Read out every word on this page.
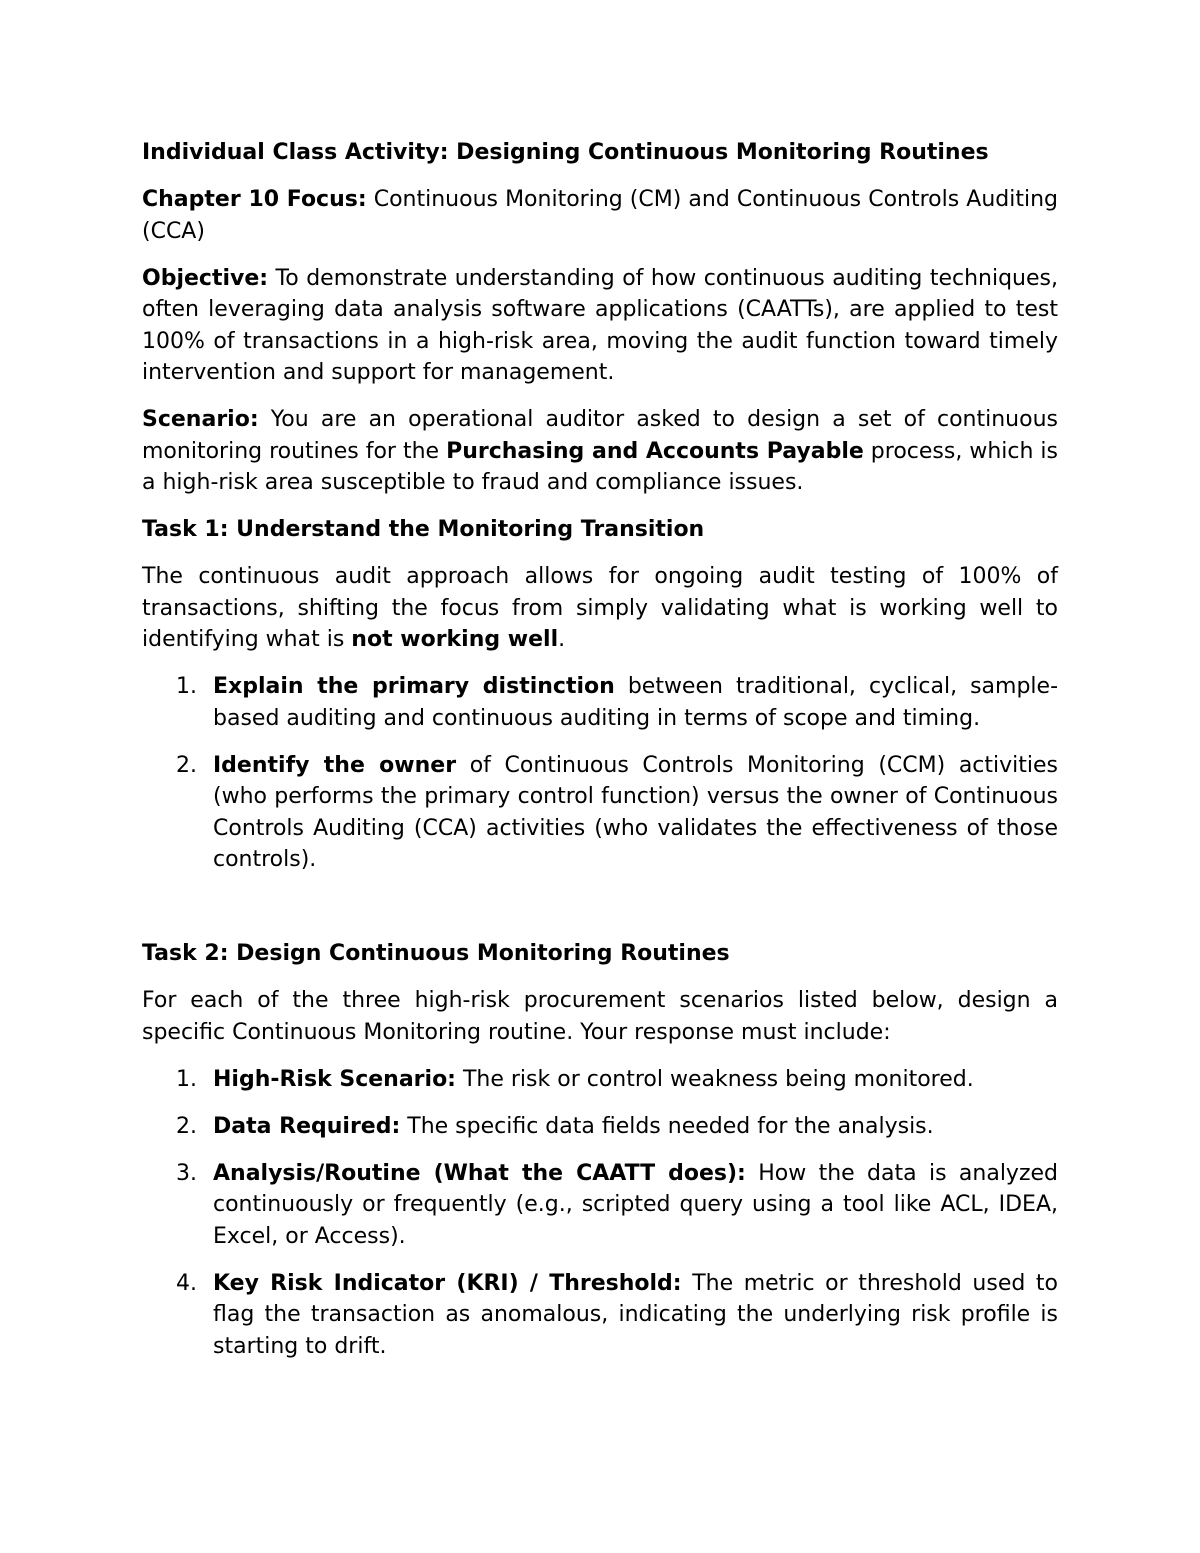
Individual Class Activity: Designing Continuous Monitoring Routines

Chapter 10 Focus: Continuous Monitoring (CM) and Continuous Controls Auditing (CCA)

Objective: To demonstrate understanding of how continuous auditing techniques, often leveraging data analysis software applications (CAATTs), are applied to test 100% of transactions in a high-risk area, moving the audit function toward timely intervention and support for management.

Scenario: You are an operational auditor asked to design a set of continuous monitoring routines for the Purchasing and Accounts Payable process, which is a high-risk area susceptible to fraud and compliance issues.

Task 1: Understand the Monitoring Transition

The continuous audit approach allows for ongoing audit testing of 100% of transactions, shifting the focus from simply validating what is working well to identifying what is not working well.

1. Explain the primary distinction between traditional, cyclical, sample-based auditing and continuous auditing in terms of scope and timing.
2. Identify the owner of Continuous Controls Monitoring (CCM) activities (who performs the primary control function) versus the owner of Continuous Controls Auditing (CCA) activities (who validates the effectiveness of those controls).

Task 2: Design Continuous Monitoring Routines

For each of the three high-risk procurement scenarios listed below, design a specific Continuous Monitoring routine. Your response must include:

1. High-Risk Scenario: The risk or control weakness being monitored.
2. Data Required: The specific data fields needed for the analysis.
3. Analysis/Routine (What the CAATT does): How the data is analyzed continuously or frequently (e.g., scripted query using a tool like ACL, IDEA, Excel, or Access).
4. Key Risk Indicator (KRI) / Threshold: The metric or threshold used to flag the transaction as anomalous, indicating the underlying risk profile is starting to drift.
